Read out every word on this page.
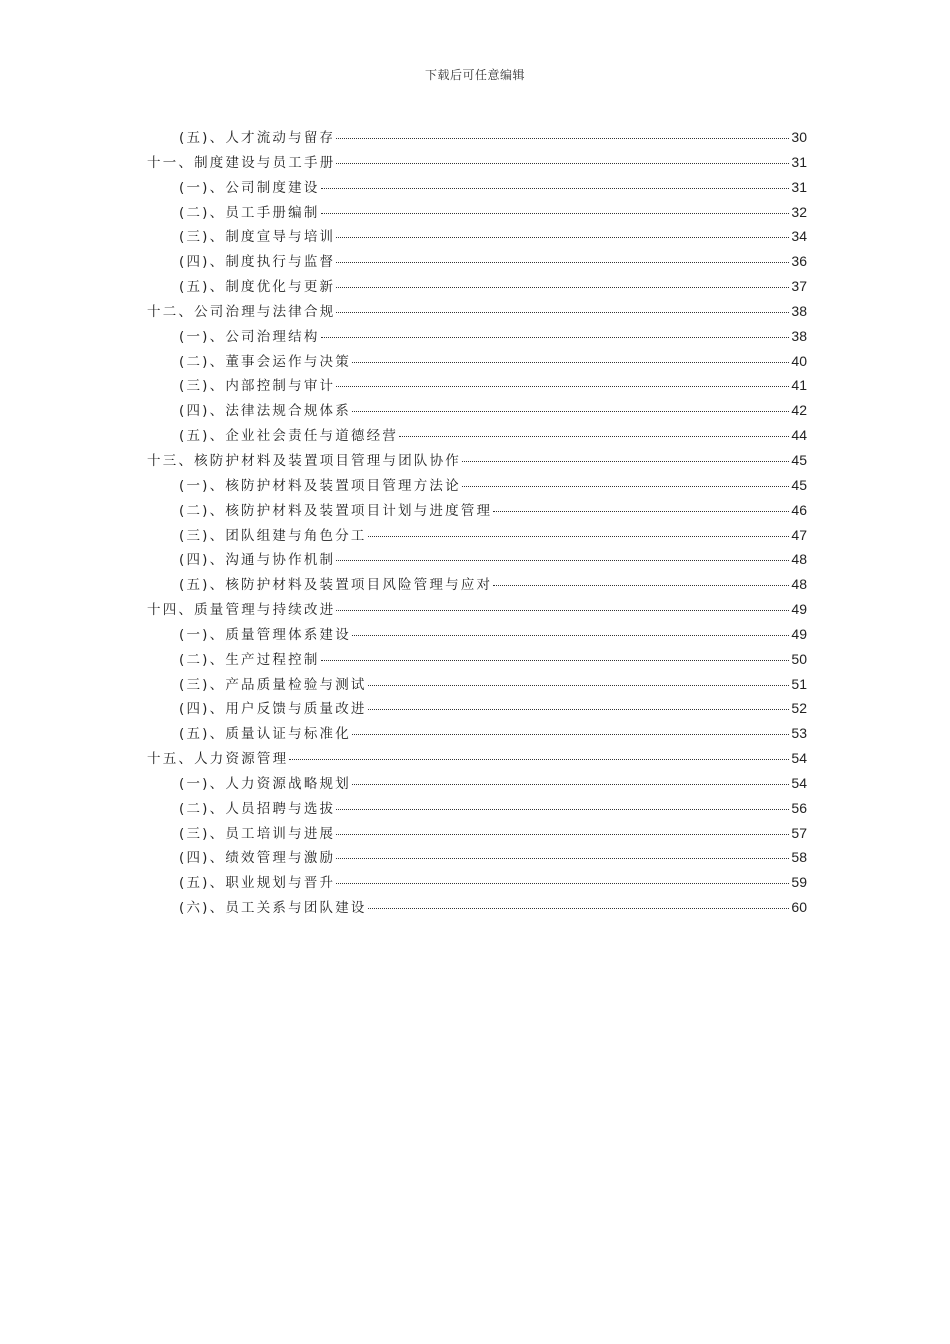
下载后可任意编辑
(五)、人才流动与留存	30
十一、制度建设与员工手册	31
(一)、公司制度建设	31
(二)、员工手册编制	32
(三)、制度宣导与培训	34
(四)、制度执行与监督	36
(五)、制度优化与更新	37
十二、公司治理与法律合规	38
(一)、公司治理结构	38
(二)、董事会运作与决策	40
(三)、内部控制与审计	41
(四)、法律法规合规体系	42
(五)、企业社会责任与道德经营	44
十三、核防护材料及装置项目管理与团队协作	45
(一)、核防护材料及装置项目管理方法论	45
(二)、核防护材料及装置项目计划与进度管理	46
(三)、团队组建与角色分工	47
(四)、沟通与协作机制	48
(五)、核防护材料及装置项目风险管理与应对	48
十四、质量管理与持续改进	49
(一)、质量管理体系建设	49
(二)、生产过程控制	50
(三)、产品质量检验与测试	51
(四)、用户反馈与质量改进	52
(五)、质量认证与标准化	53
十五、人力资源管理	54
(一)、人力资源战略规划	54
(二)、人员招聘与选拔	56
(三)、员工培训与进展	57
(四)、绩效管理与激励	58
(五)、职业规划与晋升	59
(六)、员工关系与团队建设	60
